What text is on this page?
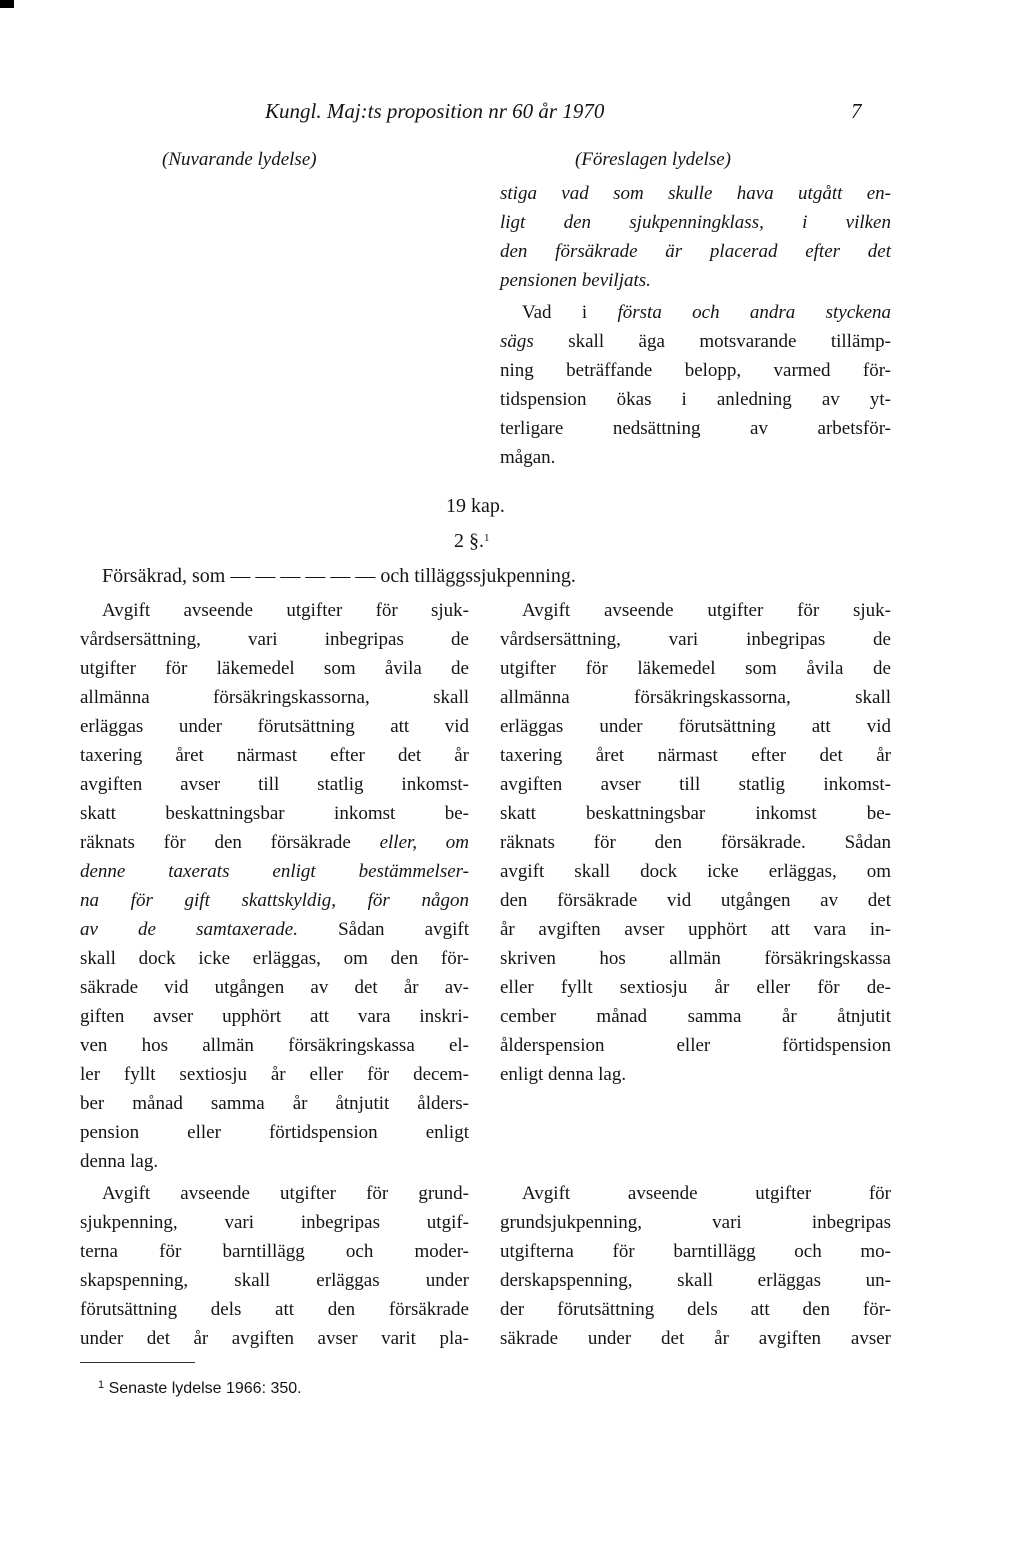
Kungl. Maj:ts proposition nr 60 år 1970	7
(Nuvarande lydelse)	(Föreslagen lydelse)
stiga vad som skulle hava utgått en-
ligt den sjukpenningklass, i vilken
den försäkrade är placerad efter det
pensionen beviljats.
Vad i första och andra styckena
sägs skall äga motsvarande tillämp-
ning beträffande belopp, varmed för-
tidspension ökas i anledning av yt-
terligare nedsättning av arbetsför-
mågan.
19 kap.
2 §.$^1$
Försäkrad, som — — — — — — och tilläggssjukpenning.
Avgift avseende utgifter för sjuk-
vårdsersättning, vari inbegripas de
utgifter för läkemedel som åvila de
allmänna försäkringskassorna, skall
erläggas under förutsättning att vid
taxering året närmast efter det år
avgiften avser till statlig inkomst-
skatt beskattningsbar inkomst be-
räknats för den försäkrade eller, om
denne taxerats enligt bestämmelser-
na för gift skattskyldig, för någon
av de samtaxerade. Sådan avgift
skall dock icke erläggas, om den för-
säkrade vid utgången av det år av-
giften avser upphört att vara inskri-
ven hos allmän försäkringskassa el-
ler fyllt sextiosju år eller för decem-
ber månad samma år åtnjutit ålders-
pension eller förtidspension enligt
denna lag.
Avgift avseende utgifter för sjuk-
vårdsersättning, vari inbegripas de
utgifter för läkemedel som åvila de
allmänna försäkringskassorna, skall
erläggas under förutsättning att vid
taxering året närmast efter det år
avgiften avser till statlig inkomst-
skatt beskattningsbar inkomst be-
räknats för den försäkrade. Sådan
avgift skall dock icke erläggas, om
den försäkrade vid utgången av det
år avgiften avser upphört att vara in-
skriven hos allmän försäkringskassa
eller fyllt sextiosju år eller för de-
cember månad samma år åtnjutit
ålderspension eller förtidspension
enligt denna lag.
Avgift avseende utgifter för grund-
sjukpenning, vari inbegripas utgif-
terna för barntillägg och moder-
skapspenning, skall erläggas under
förutsättning dels att den försäkrade
under det år avgiften avser varit pla-
Avgift avseende utgifter för
grundsjukpenning, vari inbegripas
utgifterna för barntillägg och mo-
derskapspenning, skall erläggas un-
der förutsättning dels att den för-
säkrade under det år avgiften avser
$^1$ Senaste lydelse 1966: 350.
